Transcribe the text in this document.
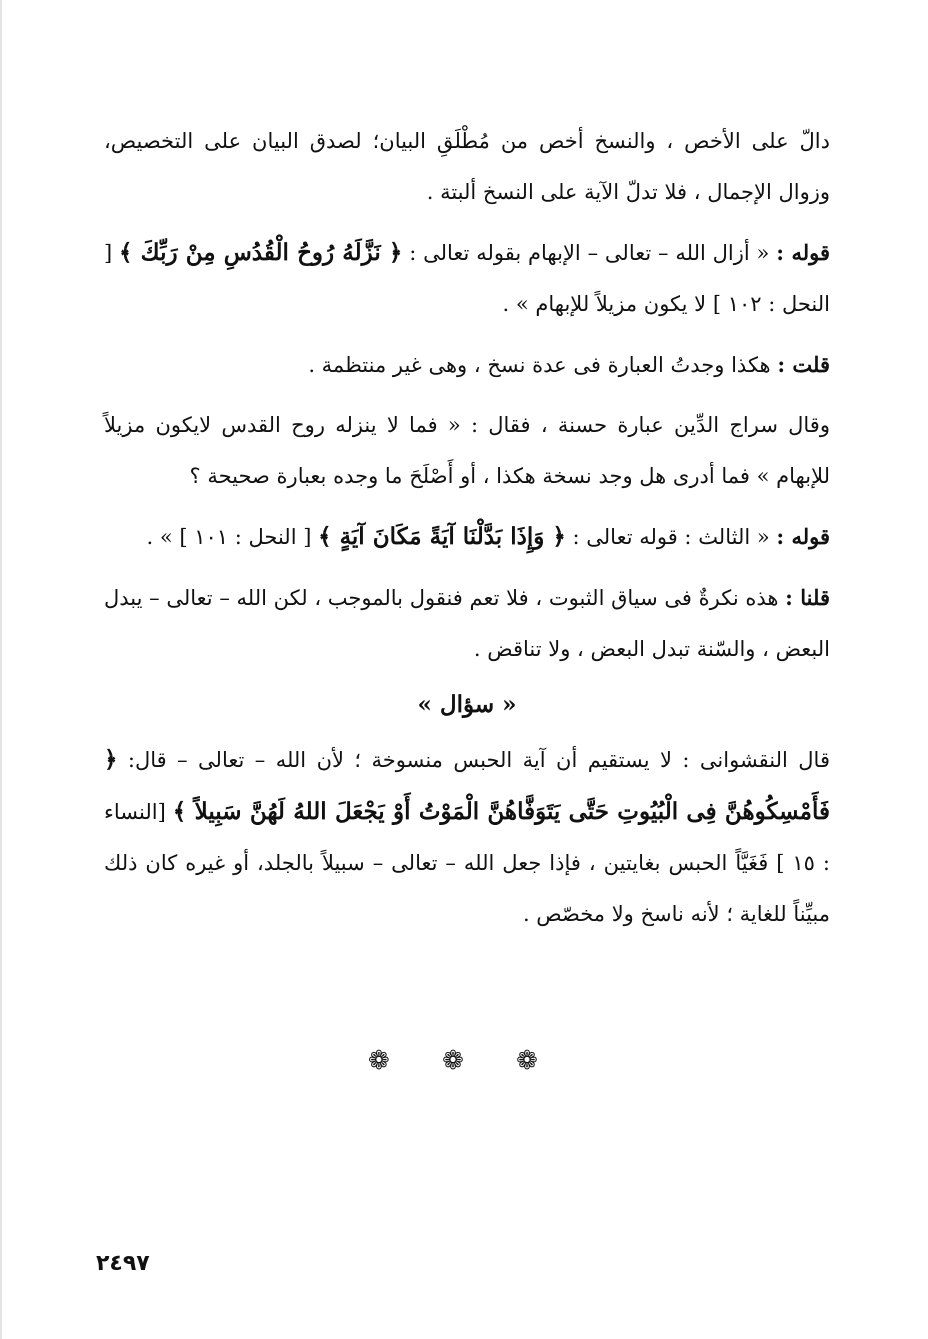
دالّ على الأخص ، والنسخ أخص من مُطْلَقِ البيان؛ لصدق البيان على التخصيص، وزوال الإجمال ، فلا تدلّ الآية على النسخ ألبتة .

قوله : « أزال الله – تعالى – الإبهام بقوله تعالى : ﴿ نَزَّلَهُ رُوحُ الْقُدُسِ مِنْ رَبِّكَ ﴾ [ النحل : ١٠٢ ] لا يكون مزيلاً للإبهام » .

قلت : هكذا وجدتُ العبارة فى عدة نسخ ، وهى غير منتظمة .

وقال سراج الدِّين عبارة حسنة ، فقال : « فما لا ينزله روح القدس لايكون مزيلاً للإبهام » فما أدرى هل وجد نسخة هكذا ، أو أَصْلَحَ ما وجده بعبارة صحيحة ؟

قوله : « الثالث : قوله تعالى : ﴿ وَإِذَا بَدَّلْنَا آيَةً مَكَانَ آيَةٍ ﴾ [ النحل : ١٠١ ] » .

قلنا : هذه نكرةٌ فى سياق الثبوت ، فلا تعم فنقول بالموجب ، لكن الله – تعالى – يبدل البعض ، والسّنة تبدل البعض ، ولا تناقض .

« سؤال »

قال النقشوانى : لا يستقيم أن آية الحبس منسوخة ؛ لأن الله – تعالى – قال: ﴿ فَأَمْسِكُوهُنَّ فِى الْبُيُوتِ حَتَّى يَتَوَفَّاهُنَّ الْمَوْتُ أَوْ يَجْعَلَ اللهُ لَهُنَّ سَبِيلاً ﴾ [النساء : ١٥ ] فَغَيَّاً الحبس بغايتين ، فإذا جعل الله – تعالى – سبيلاً بالجلد، أو غيره كان ذلك مبيِّناً للغاية ؛ لأنه ناسخ ولا مخصّص .

❁ ❁ ❁
٢٤٩٧
